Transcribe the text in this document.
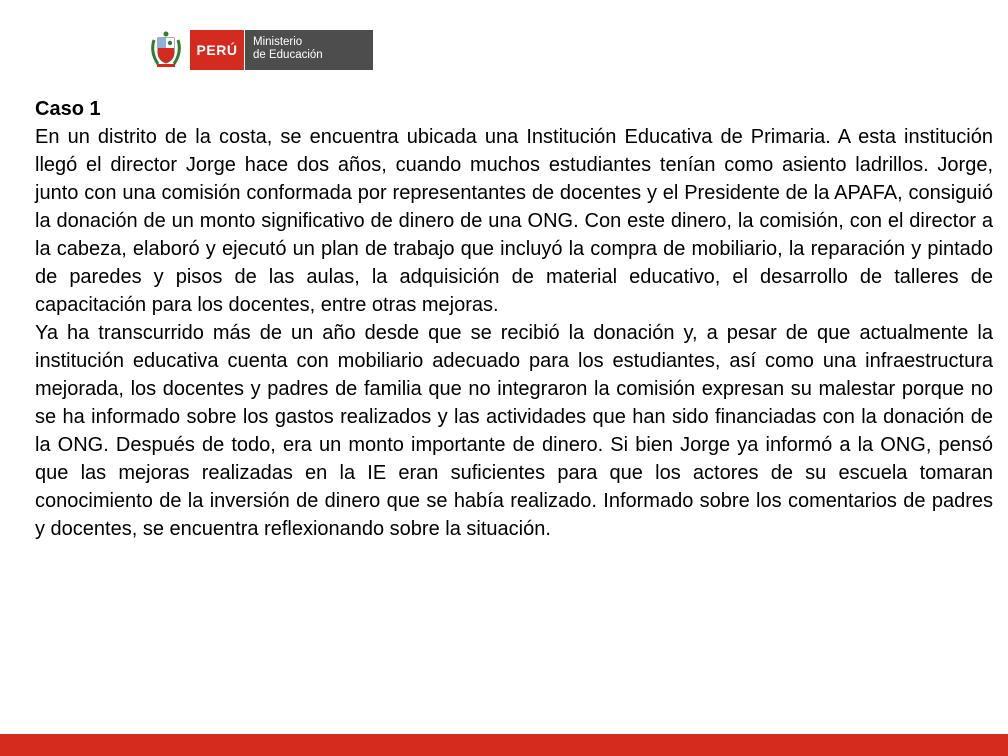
PERÚ	Ministerio
de Educación

Caso 1

En un distrito de la costa, se encuentra ubicada una Institución Educativa de Primaria. A esta institución llegó el director Jorge hace dos años, cuando muchos estudiantes tenían como asiento ladrillos. Jorge, junto con una comisión conformada por representantes de docentes y el Presidente de la APAFA, consiguió la donación de un monto significativo de dinero de una ONG. Con este dinero, la comisión, con el director a la cabeza, elaboró y ejecutó un plan de trabajo que incluyó la compra de mobiliario, la reparación y pintado de paredes y pisos de las aulas, la adquisición de material educativo, el desarrollo de talleres de capacitación para los docentes, entre otras mejoras.

Ya ha transcurrido más de un año desde que se recibió la donación y, a pesar de que actualmente la institución educativa cuenta con mobiliario adecuado para los estudiantes, así como una infraestructura mejorada, los docentes y padres de familia que no integraron la comisión expresan su malestar porque no se ha informado sobre los gastos realizados y las actividades que han sido financiadas con la donación de la ONG. Después de todo, era un monto importante de dinero. Si bien Jorge ya informó a la ONG, pensó que las mejoras realizadas en la IE eran suficientes para que los actores de su escuela tomaran conocimiento de la inversión de dinero que se había realizado. Informado sobre los comentarios de padres y docentes, se encuentra reflexionando sobre la situación.
